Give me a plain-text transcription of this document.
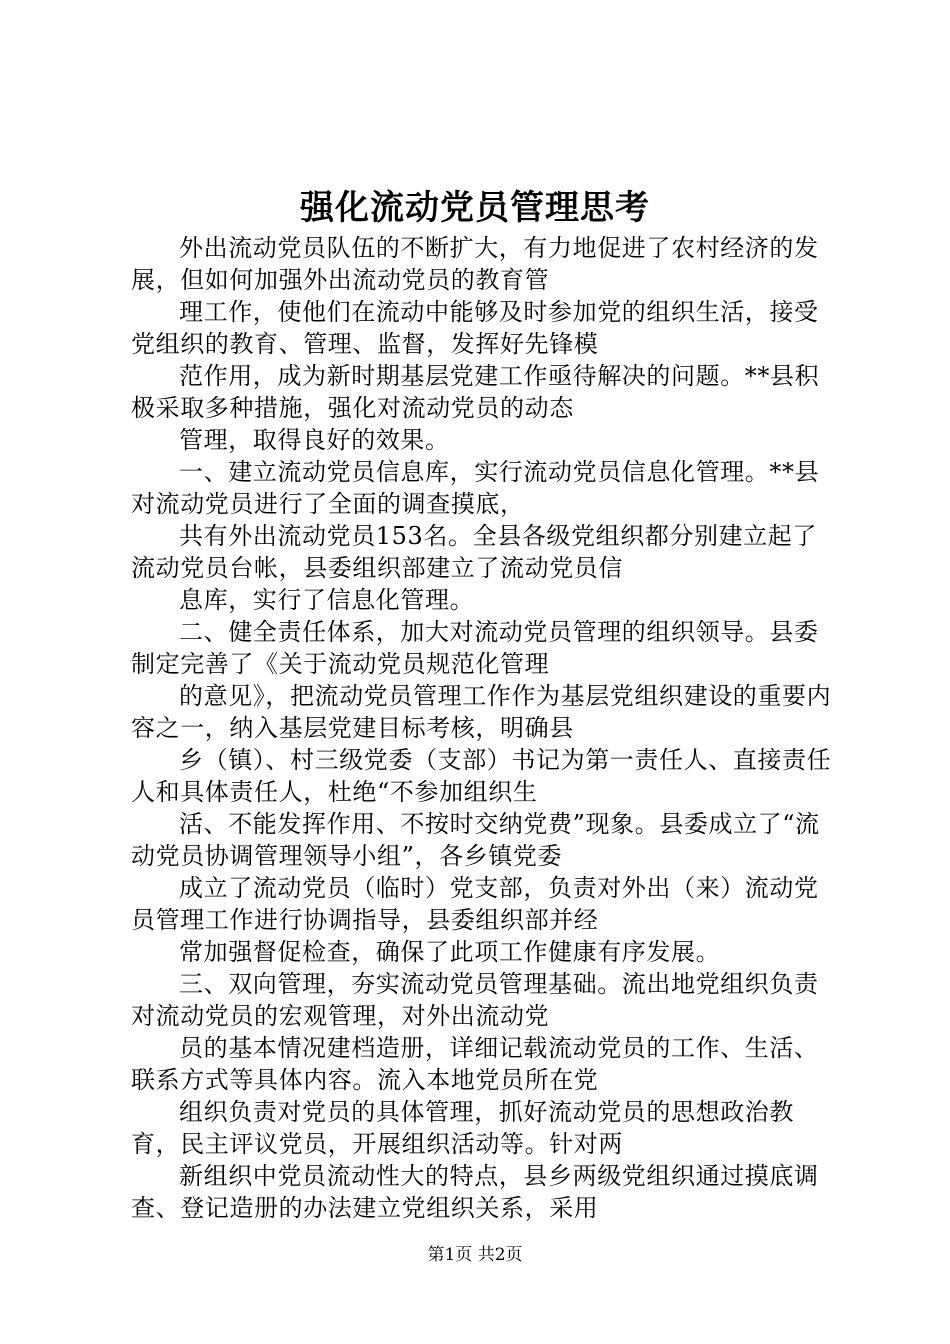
强化流动党员管理思考

外出流动党员队伍的不断扩大，有力地促进了农村经济的发展，但如何加强外出流动党员的教育管

理工作，使他们在流动中能够及时参加党的组织生活，接受党组织的教育、管理、监督，发挥好先锋模

范作用，成为新时期基层党建工作亟待解决的问题。**县积极采取多种措施，强化对流动党员的动态

管理，取得良好的效果。

一、建立流动党员信息库，实行流动党员信息化管理。**县对流动党员进行了全面的调查摸底，

共有外出流动党员153名。全县各级党组织都分别建立起了流动党员台帐，县委组织部建立了流动党员信

息库，实行了信息化管理。

二、健全责任体系，加大对流动党员管理的组织领导。县委制定完善了《关于流动党员规范化管理

的意见》，把流动党员管理工作作为基层党组织建设的重要内容之一，纳入基层党建目标考核，明确县

乡（镇）、村三级党委（支部）书记为第一责任人、直接责任人和具体责任人，杜绝“不参加组织生

活、不能发挥作用、不按时交纳党费”现象。县委成立了“流动党员协调管理领导小组”，各乡镇党委

成立了流动党员（临时）党支部，负责对外出（来）流动党员管理工作进行协调指导，县委组织部并经

常加强督促检查，确保了此项工作健康有序发展。

三、双向管理，夯实流动党员管理基础。流出地党组织负责对流动党员的宏观管理，对外出流动党

员的基本情况建档造册，详细记载流动党员的工作、生活、联系方式等具体内容。流入本地党员所在党

组织负责对党员的具体管理，抓好流动党员的思想政治教育，民主评议党员，开展组织活动等。针对两

新组织中党员流动性大的特点，县乡两级党组织通过摸底调查、登记造册的办法建立党组织关系，采用

第1页 共2页
